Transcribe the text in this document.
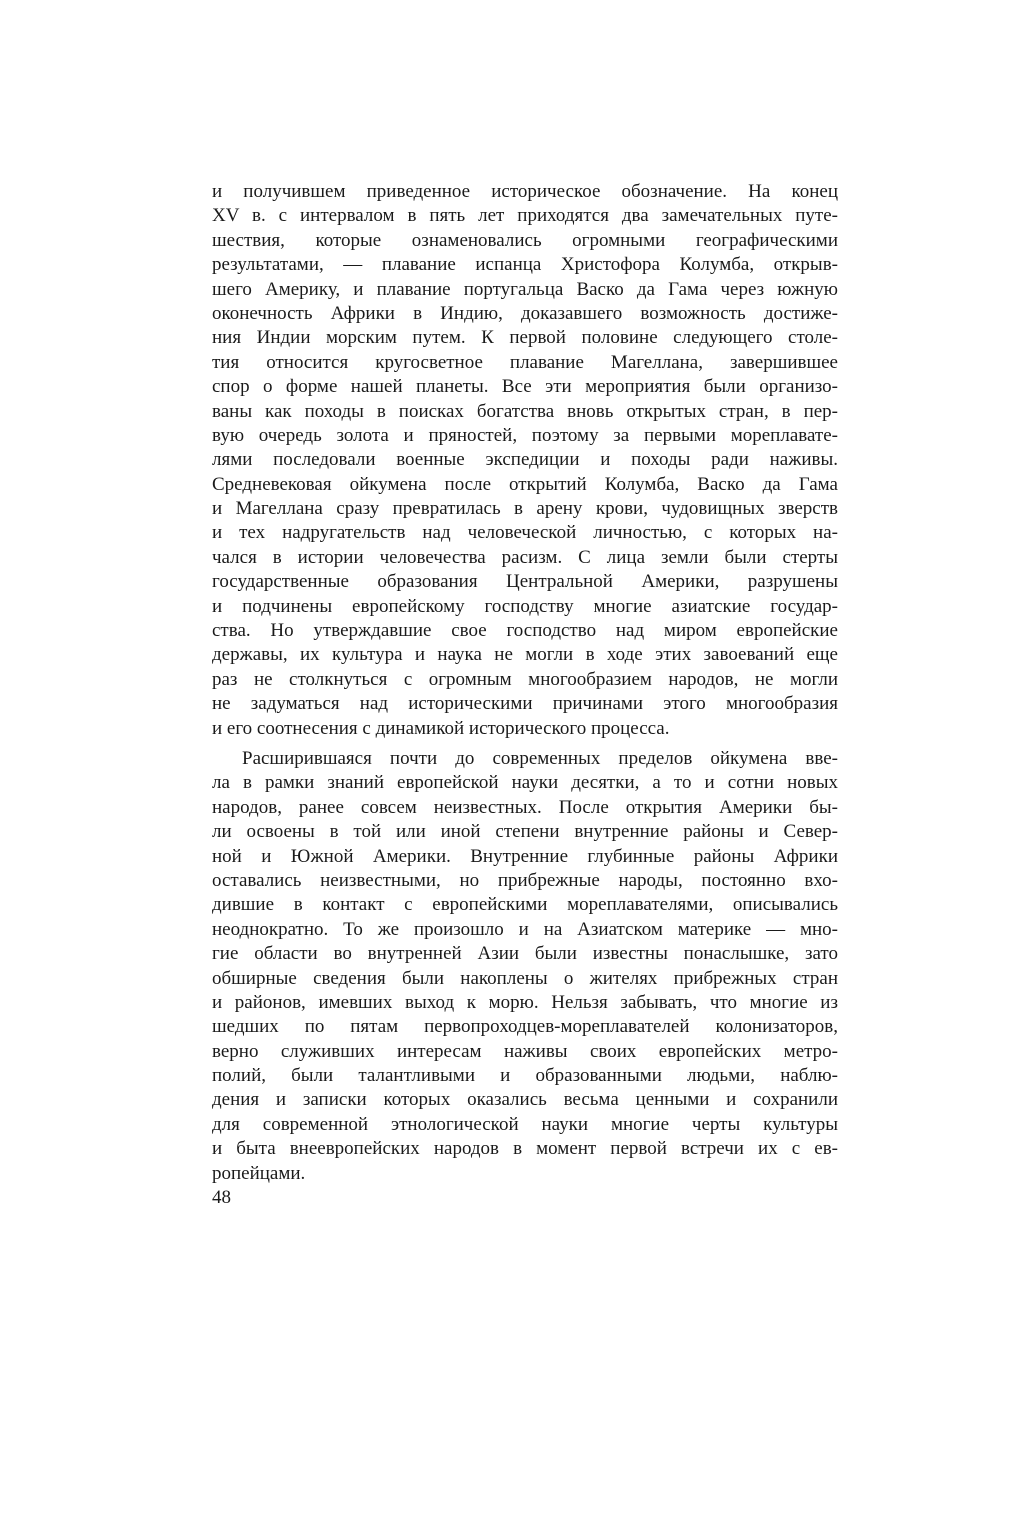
и получившем приведенное историческое обозначение. На конец
XV в. с интервалом в пять лет приходятся два замечательных путе-
шествия, которые ознаменовались огромными географическими
результатами, — плавание испанца Христофора Колумба, открыв-
шего Америку, и плавание португальца Васко да Гама через южную
оконечность Африки в Индию, доказавшего возможность достиже-
ния Индии морским путем. К первой половине следующего столе-
тия относится кругосветное плавание Магеллана, завершившее
спор о форме нашей планеты. Все эти мероприятия были организо-
ваны как походы в поисках богатства вновь открытых стран, в пер-
вую очередь золота и пряностей, поэтому за первыми мореплавате-
лями последовали военные экспедиции и походы ради наживы.
Средневековая ойкумена после открытий Колумба, Васко да Гама
и Магеллана сразу превратилась в арену крови, чудовищных зверств
и тех надругательств над человеческой личностью, с которых на-
чался в истории человечества расизм. С лица земли были стерты
государственные образования Центральной Америки, разрушены
и подчинены европейскому господству многие азиатские государ-
ства. Но утверждавшие свое господство над миром европейские
державы, их культура и наука не могли в ходе этих завоеваний еще
раз не столкнуться с огромным многообразием народов, не могли
не задуматься над историческими причинами этого многообразия
и его соотнесения с динамикой исторического процесса.
Расширившаяся почти до современных пределов ойкумена вве-
ла в рамки знаний европейской науки десятки, а то и сотни новых
народов, ранее совсем неизвестных. После открытия Америки бы-
ли освоены в той или иной степени внутренние районы и Север-
ной и Южной Америки. Внутренние глубинные районы Африки
оставались неизвестными, но прибрежные народы, постоянно вхо-
дившие в контакт с европейскими мореплавателями, описывались
неоднократно. То же произошло и на Азиатском материке — мно-
гие области во внутренней Азии были известны понаслышке, зато
обширные сведения были накоплены о жителях прибрежных стран
и районов, имевших выход к морю. Нельзя забывать, что многие из
шедших по пятам первопроходцев-мореплавателей колонизаторов,
верно служивших интересам наживы своих европейских метро-
полий, были талантливыми и образованными людьми, наблю-
дения и записки которых оказались весьма ценными и сохранили
для современной этнологической науки многие черты культуры
и быта внеевропейских народов в момент первой встречи их с ев-
ропейцами.
48
